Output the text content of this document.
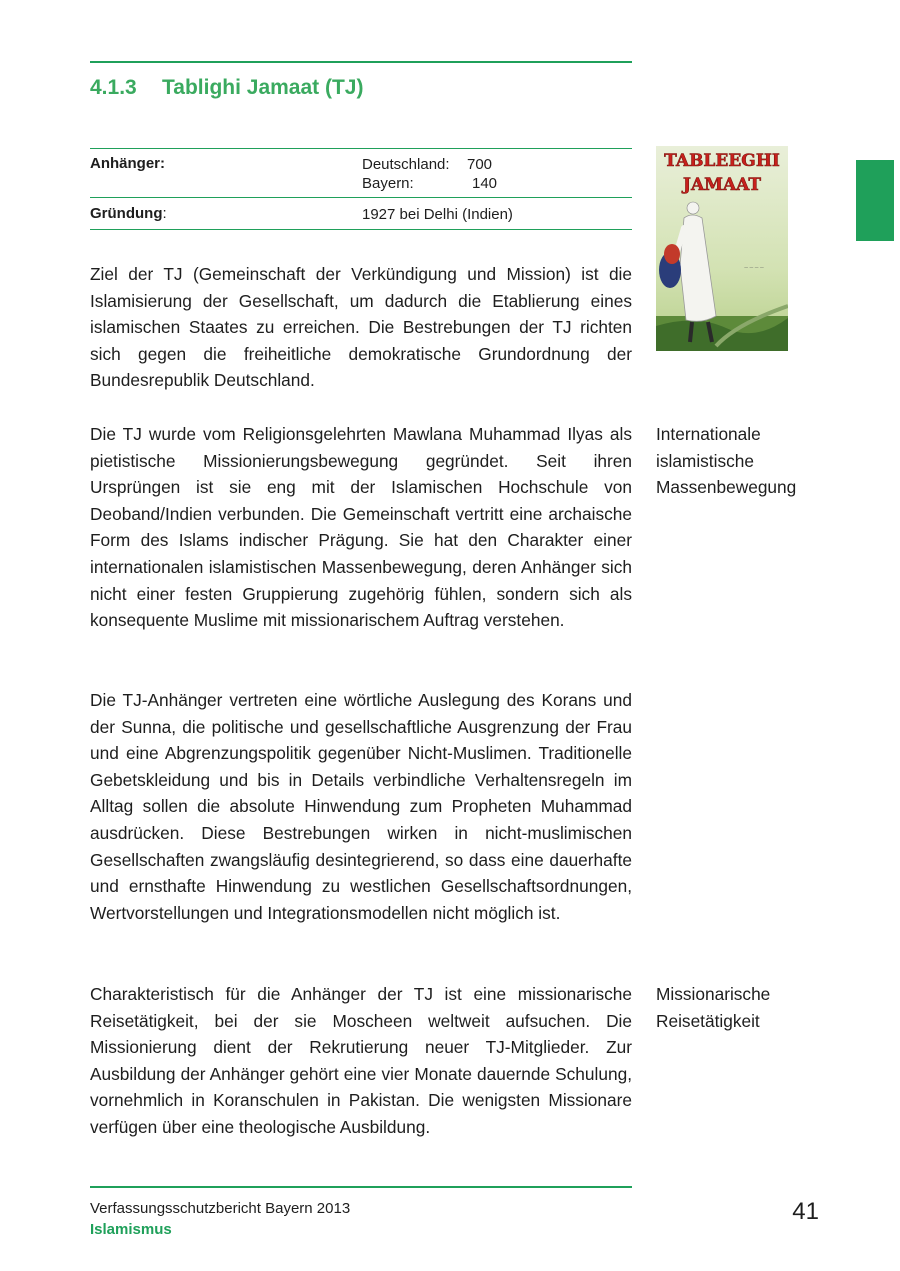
4.1.3 Tablighi Jamaat (TJ)
Anhänger:	Deutschland: 700
Bayern:	140
Gründung:	1927 bei Delhi (Indien)
TABLEEGHI
JAMAAT
— — — —

Ziel der TJ (Gemeinschaft der Verkündigung und Mission) ist die Islamisierung der Gesellschaft, um dadurch die Etablierung eines islamischen Staates zu erreichen. Die Bestrebungen der TJ richten sich gegen die freiheitliche demokratische Grundordnung der Bundesrepublik Deutschland.

Die TJ wurde vom Religionsgelehrten Mawlana Muhammad Ilyas als pietistische Missionierungsbewegung gegründet. Seit ihren Ursprüngen ist sie eng mit der Islamischen Hochschule von Deoband/Indien verbunden. Die Gemeinschaft vertritt eine archaische Form des Islams indischer Prägung. Sie hat den Charakter einer internationalen islamistischen Massenbewegung, deren Anhänger sich nicht einer festen Gruppierung zugehörig fühlen, sondern sich als konsequente Muslime mit missionarischem Auftrag verstehen.

Die TJ-Anhänger vertreten eine wörtliche Auslegung des Korans und der Sunna, die politische und gesellschaftliche Ausgrenzung der Frau und eine Abgrenzungspolitik gegenüber Nicht-Muslimen. Traditionelle Gebetskleidung und bis in Details verbindliche Verhaltensregeln im Alltag sollen die absolute Hinwendung zum Propheten Muhammad ausdrücken. Diese Bestrebungen wirken in nicht-muslimischen Gesellschaften zwangsläufig desintegrierend, so dass eine dauerhafte und ernsthafte Hinwendung zu westlichen Gesellschaftsordnungen, Wertvorstellungen und Integrationsmodellen nicht möglich ist.

Charakteristisch für die Anhänger der TJ ist eine missionarische Reisetätigkeit, bei der sie Moscheen weltweit aufsuchen. Die Missionierung dient der Rekrutierung neuer TJ-Mitglieder. Zur Ausbildung der Anhänger gehört eine vier Monate dauernde Schulung, vornehmlich in Koranschulen in Pakistan. Die wenigsten Missionare verfügen über eine theologische Ausbildung.

Internationale
islamistische
Massenbewegung
Missionarische
Reisetätigkeit
Verfassungsschutzbericht Bayern 2013
Islamismus
41
